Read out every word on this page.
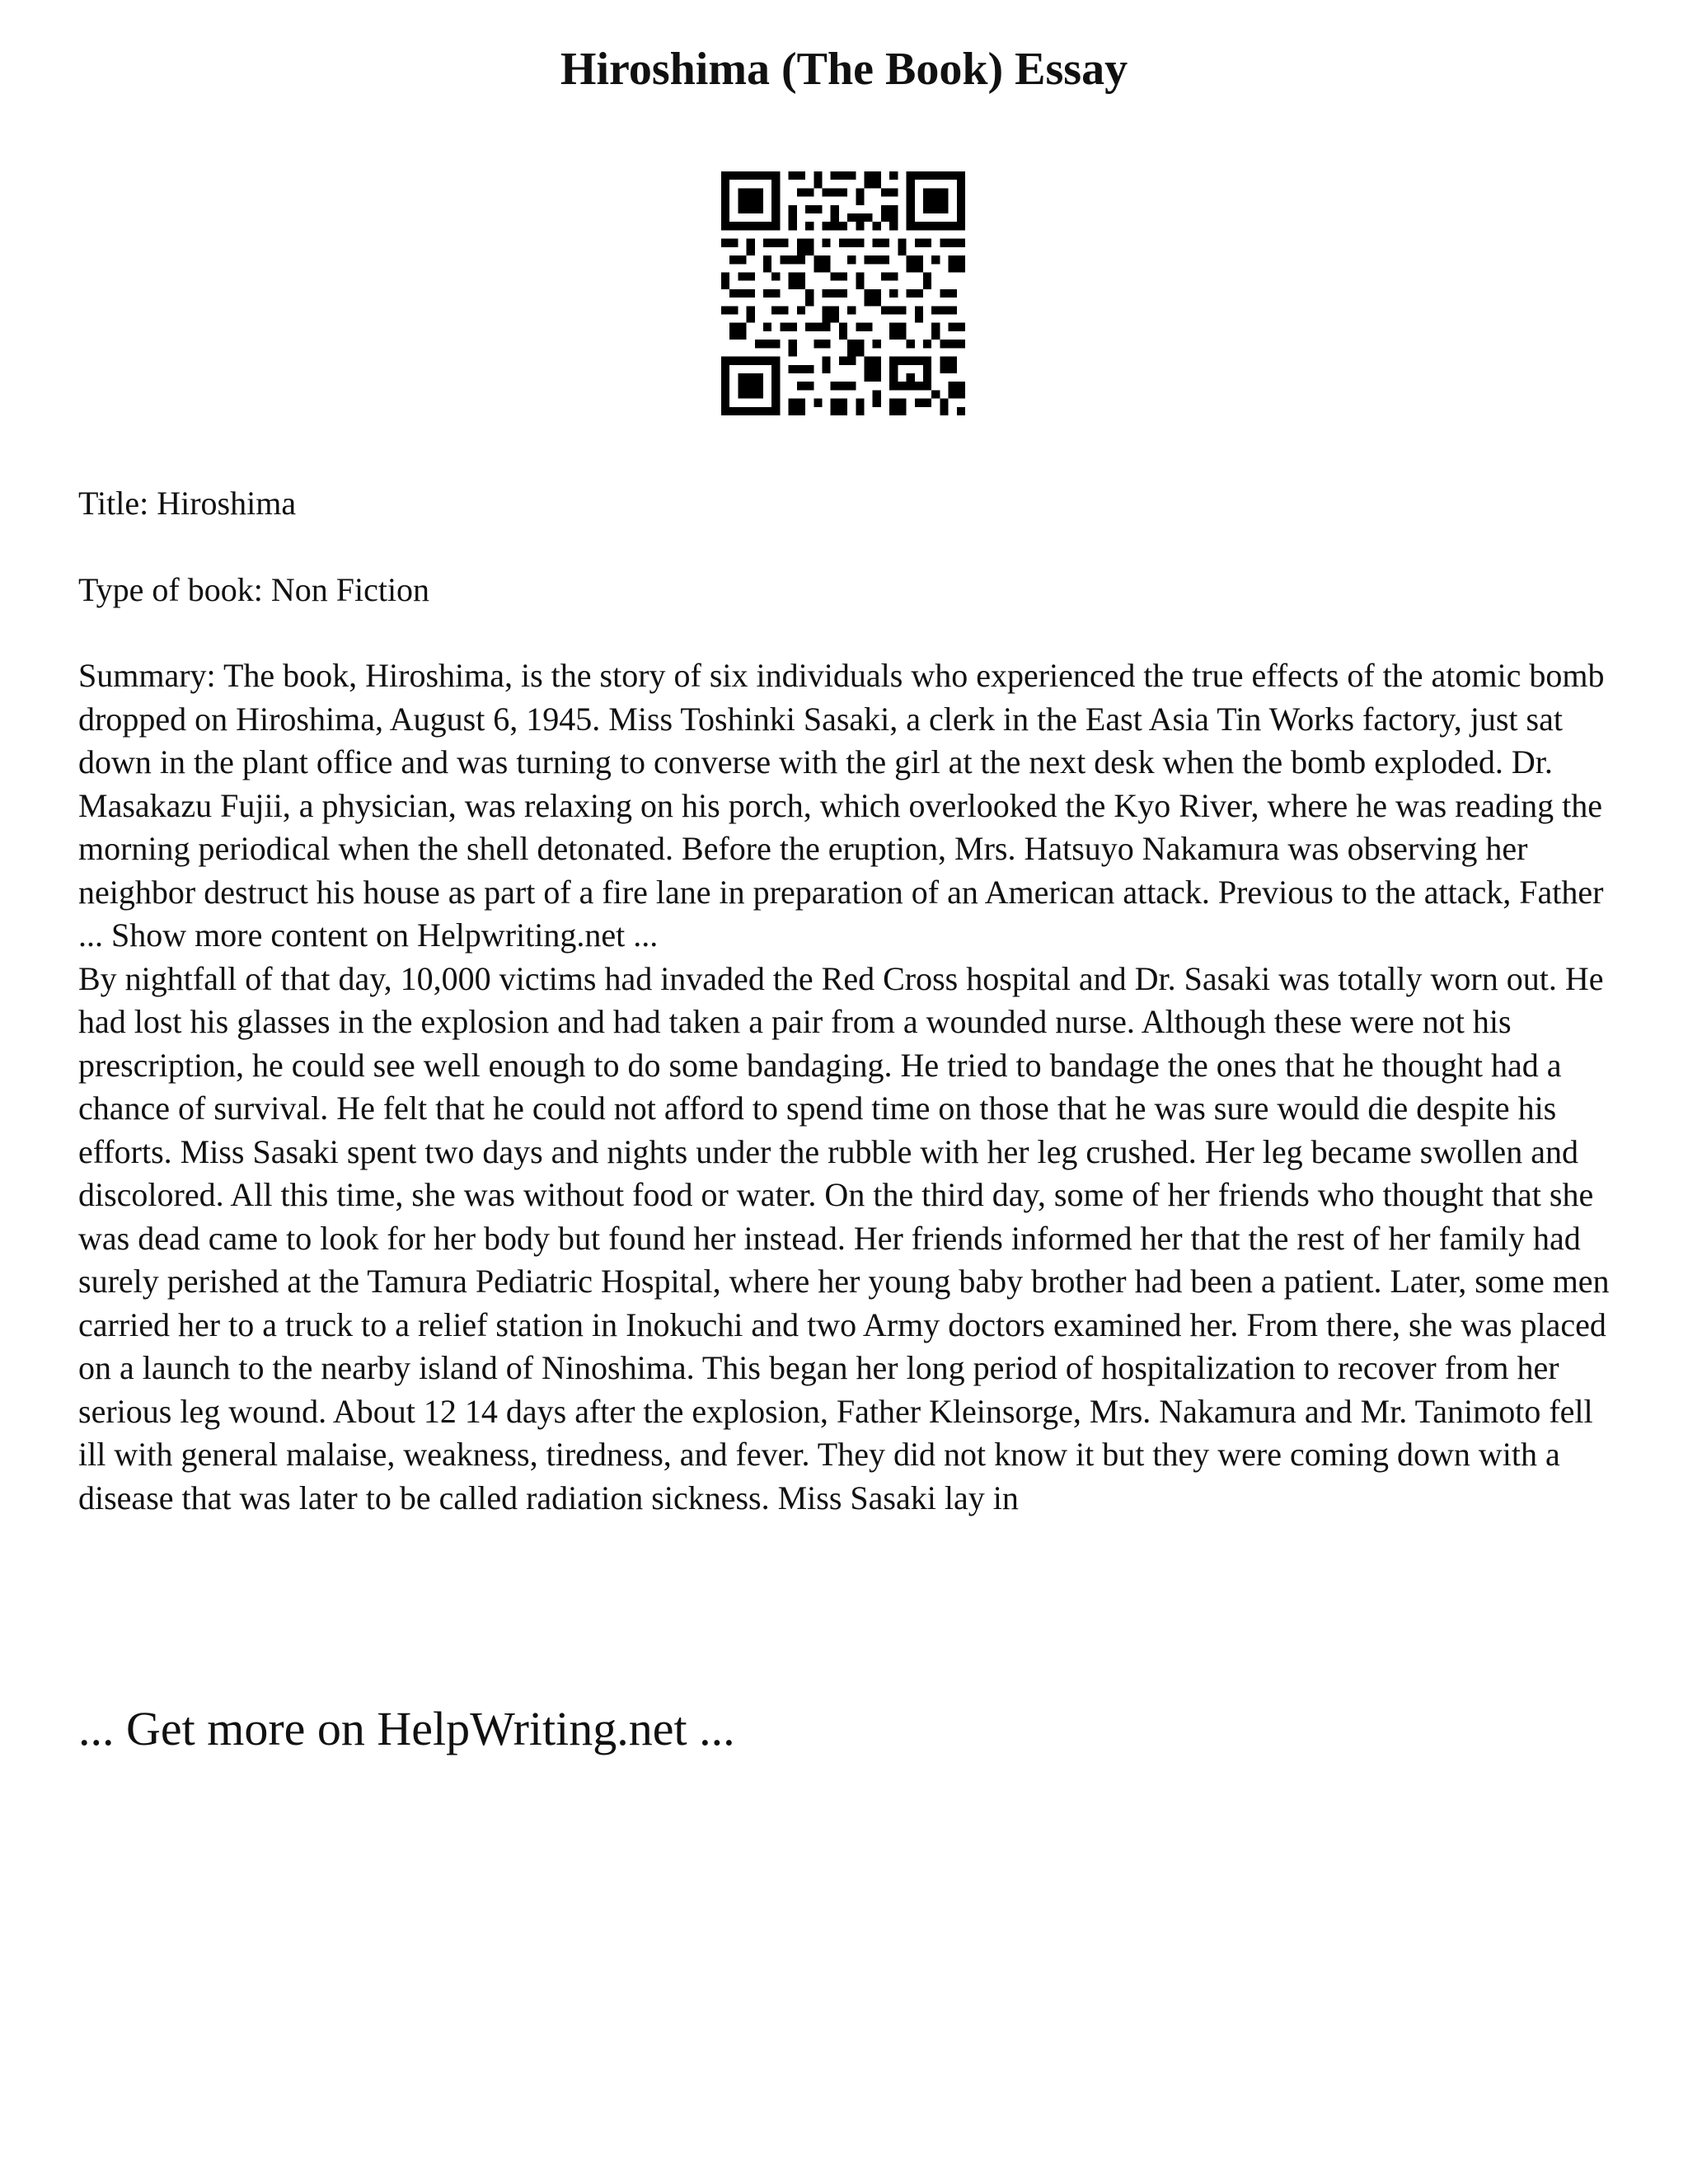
Hiroshima (The Book) Essay

Title: Hiroshima

Type of book: Non Fiction

Summary: The book, Hiroshima, is the story of six individuals who experienced the true effects of the atomic bomb dropped on Hiroshima, August 6, 1945. Miss Toshinki Sasaki, a clerk in the East Asia Tin Works factory, just sat down in the plant office and was turning to converse with the girl at the next desk when the bomb exploded. Dr. Masakazu Fujii, a physician, was relaxing on his porch, which overlooked the Kyo River, where he was reading the morning periodical when the shell detonated. Before the eruption, Mrs. Hatsuyo Nakamura was observing her neighbor destruct his house as part of a fire lane in preparation of an American attack. Previous to the attack, Father ... Show more content on Helpwriting.net ...

By nightfall of that day, 10,000 victims had invaded the Red Cross hospital and Dr. Sasaki was totally worn out. He had lost his glasses in the explosion and had taken a pair from a wounded nurse. Although these were not his prescription, he could see well enough to do some bandaging. He tried to bandage the ones that he thought had a chance of survival. He felt that he could not afford to spend time on those that he was sure would die despite his efforts. Miss Sasaki spent two days and nights under the rubble with her leg crushed. Her leg became swollen and discolored. All this time, she was without food or water. On the third day, some of her friends who thought that she was dead came to look for her body but found her instead. Her friends informed her that the rest of her family had surely perished at the Tamura Pediatric Hospital, where her young baby brother had been a patient. Later, some men carried her to a truck to a relief station in Inokuchi and two Army doctors examined her. From there, she was placed on a launch to the nearby island of Ninoshima. This began her long period of hospitalization to recover from her serious leg wound. About 12 14 days after the explosion, Father Kleinsorge, Mrs. Nakamura and Mr. Tanimoto fell ill with general malaise, weakness, tiredness, and fever. They did not know it but they were coming down with a disease that was later to be called radiation sickness. Miss Sasaki lay in

... Get more on HelpWriting.net ...
